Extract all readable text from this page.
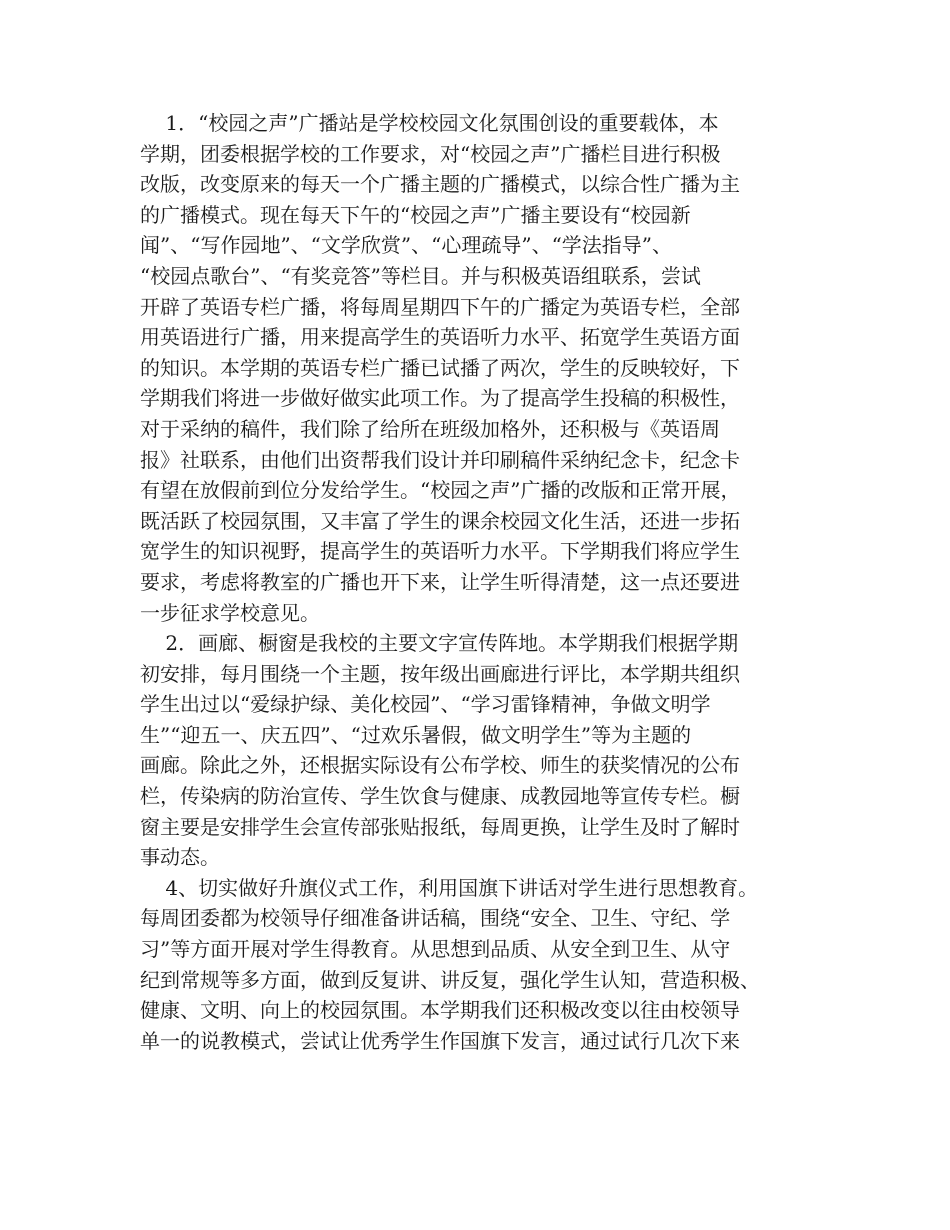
1．“校园之声”广播站是学校校园文化氛围创设的重要载体，本
学期，团委根据学校的工作要求，对“校园之声”广播栏目进行积极
改版，改变原来的每天一个广播主题的广播模式，以综合性广播为主
的广播模式。现在每天下午的“校园之声”广播主要设有“校园新
闻”、“写作园地”、“文学欣赏”、“心理疏导”、“学法指导”、
“校园点歌台”、“有奖竞答”等栏目。并与积极英语组联系，尝试
开辟了英语专栏广播，将每周星期四下午的广播定为英语专栏，全部
用英语进行广播，用来提高学生的英语听力水平、拓宽学生英语方面
的知识。本学期的英语专栏广播已试播了两次，学生的反映较好，下
学期我们将进一步做好做实此项工作。为了提高学生投稿的积极性，
对于采纳的稿件，我们除了给所在班级加格外，还积极与《英语周
报》社联系，由他们出资帮我们设计并印刷稿件采纳纪念卡，纪念卡
有望在放假前到位分发给学生。“校园之声”广播的改版和正常开展，
既活跃了校园氛围，又丰富了学生的课余校园文化生活，还进一步拓
宽学生的知识视野，提高学生的英语听力水平。下学期我们将应学生
要求，考虑将教室的广播也开下来，让学生听得清楚，这一点还要进
一步征求学校意见。
2．画廊、橱窗是我校的主要文字宣传阵地。本学期我们根据学期
初安排，每月围绕一个主题，按年级出画廊进行评比，本学期共组织
学生出过以“爱绿护绿、美化校园”、“学习雷锋精神，争做文明学
生”“迎五一、庆五四”、“过欢乐暑假，做文明学生”等为主题的
画廊。除此之外，还根据实际设有公布学校、师生的获奖情况的公布
栏，传染病的防治宣传、学生饮食与健康、成教园地等宣传专栏。橱
窗主要是安排学生会宣传部张贴报纸，每周更换，让学生及时了解时
事动态。
4、切实做好升旗仪式工作，利用国旗下讲话对学生进行思想教育。
每周团委都为校领导仔细准备讲话稿，围绕“安全、卫生、守纪、学
习”等方面开展对学生得教育。从思想到品质、从安全到卫生、从守
纪到常规等多方面，做到反复讲、讲反复，强化学生认知，营造积极、
健康、文明、向上的校园氛围。本学期我们还积极改变以往由校领导
单一的说教模式，尝试让优秀学生作国旗下发言，通过试行几次下来
